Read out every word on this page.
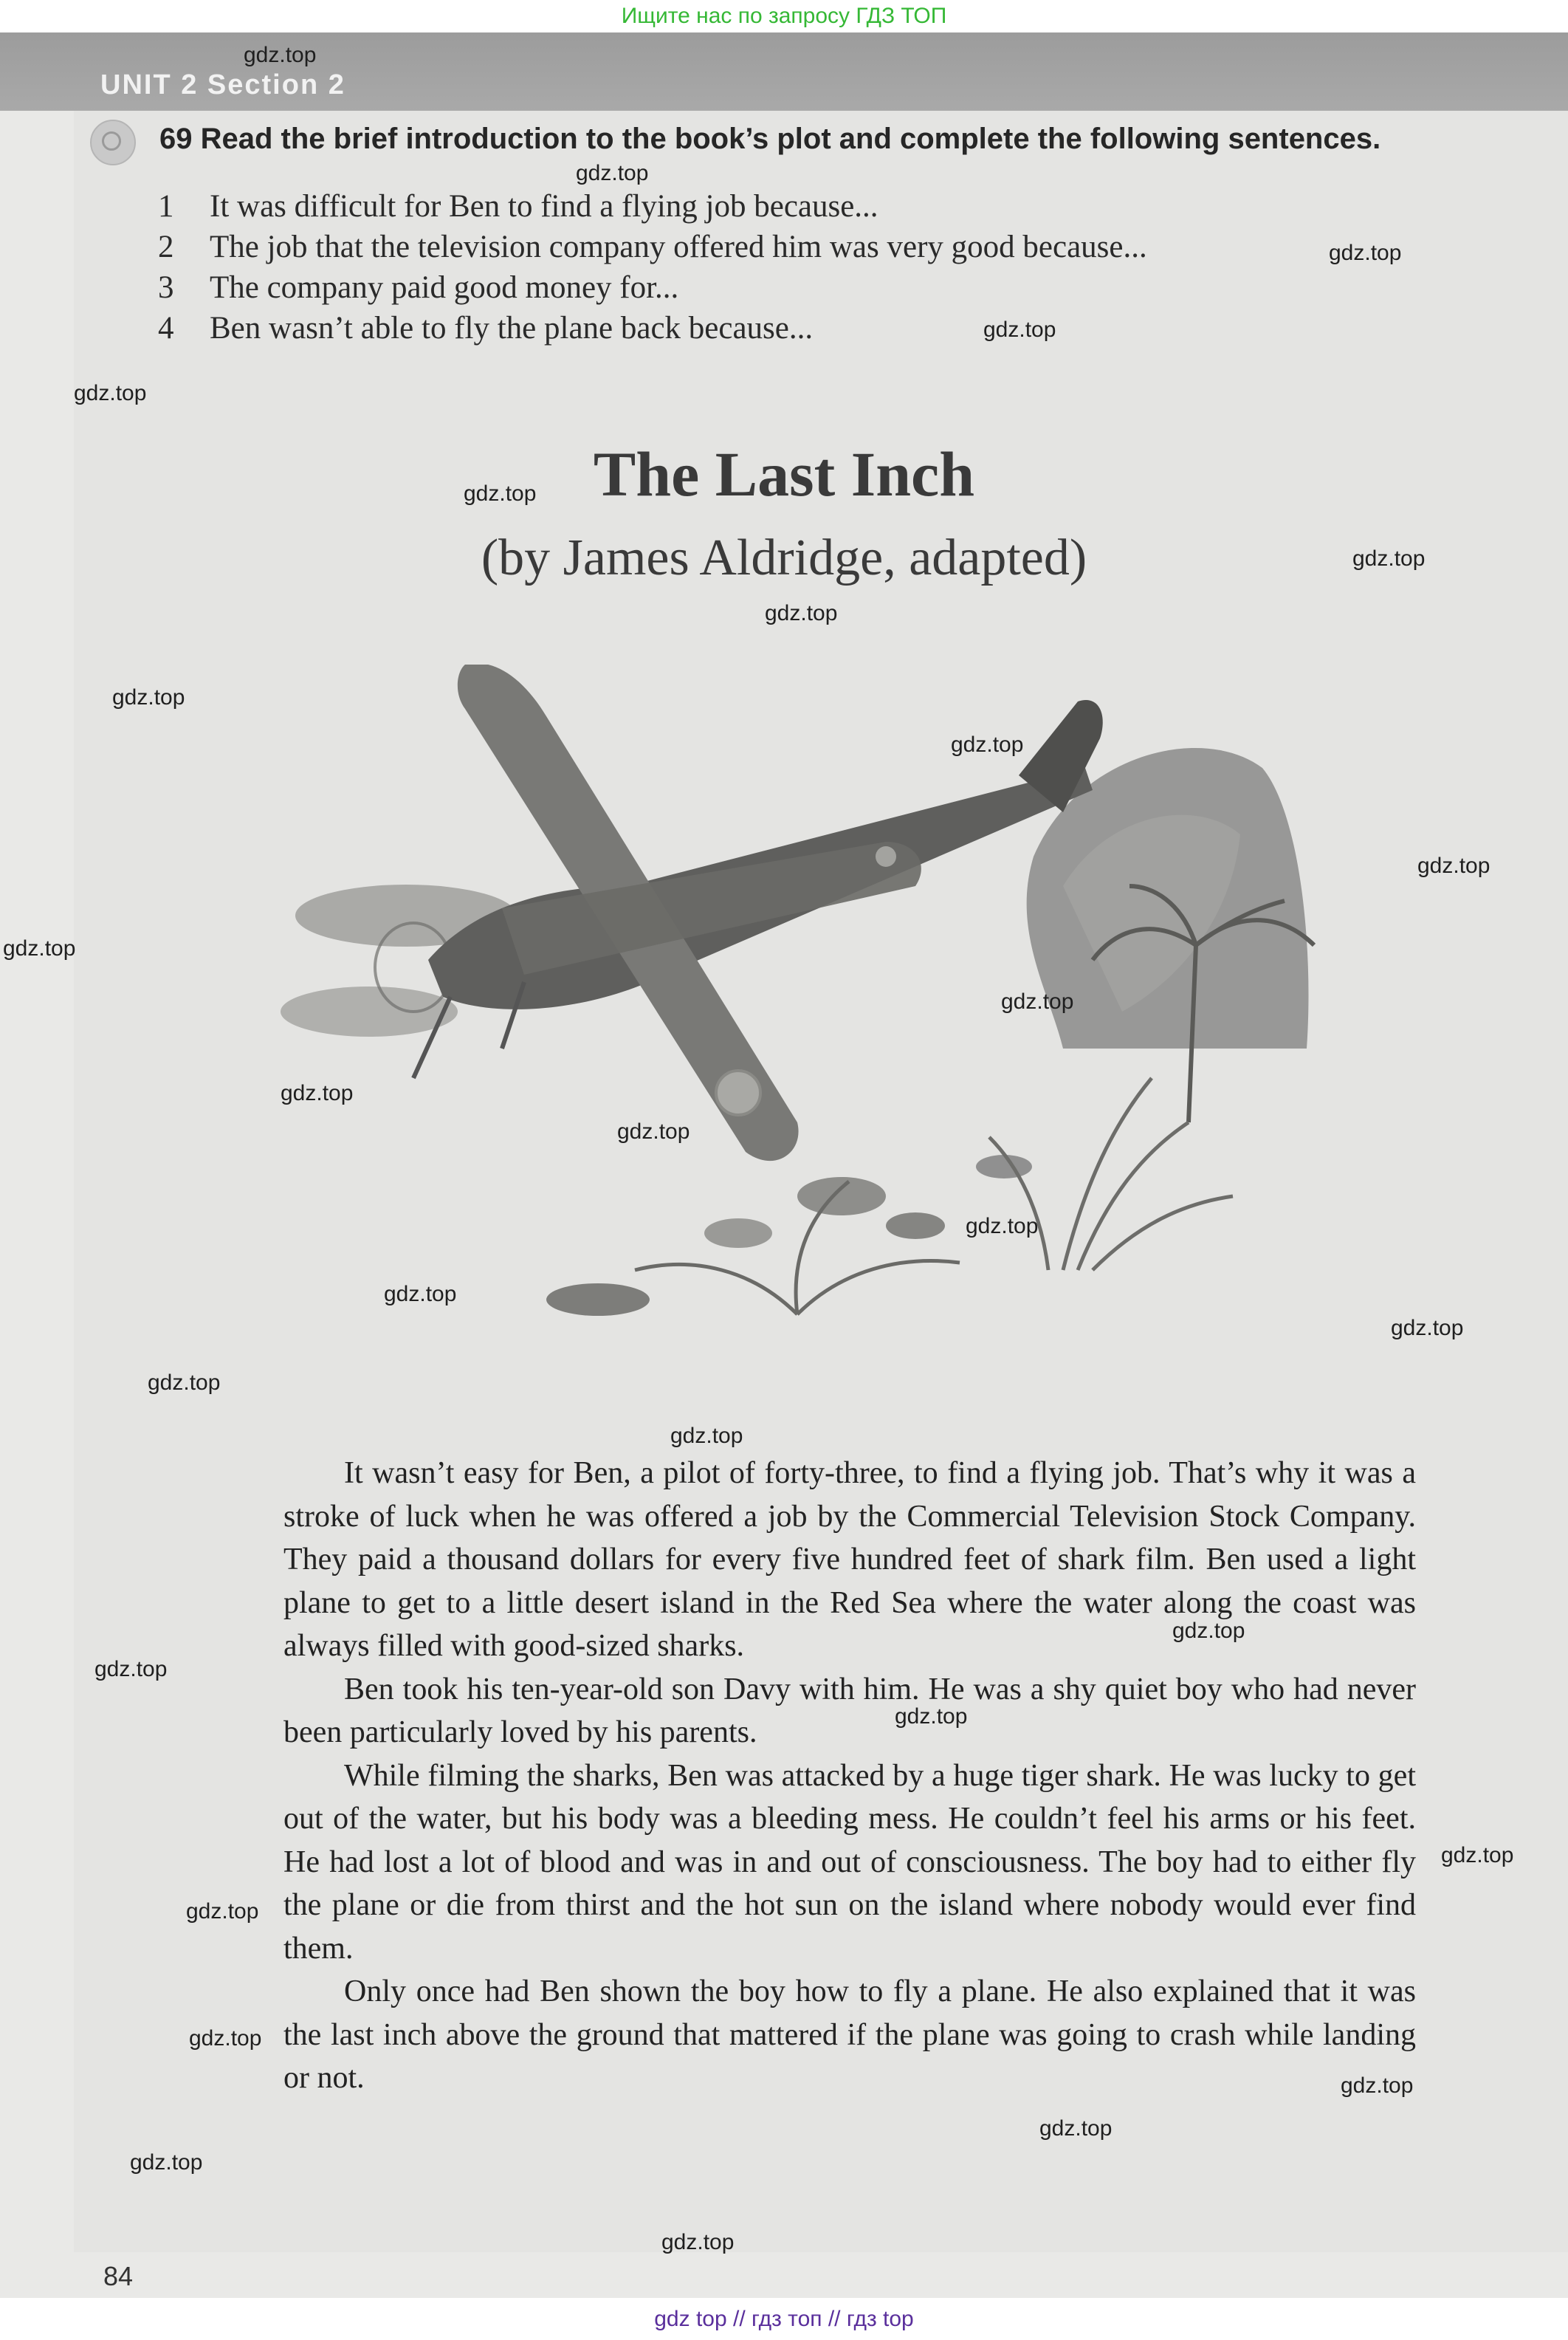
Ищите нас по запросу ГДЗ ТОП
UNIT 2 Section 2
69 Read the brief introduction to the book’s plot and complete the following sentences.
1 It was difficult for Ben to find a flying job because...
2 The job that the television company offered him was very good because...
3 The company paid good money for...
4 Ben wasn’t able to fly the plane back because...
The Last Inch
(by James Aldridge, adapted)

It wasn’t easy for Ben, a pilot of forty-three, to find a flying job. That’s why it was a stroke of luck when he was offered a job by the Commercial Television Stock Company. They paid a thousand dollars for every five hundred feet of shark film. Ben used a light plane to get to a little desert island in the Red Sea where the water along the coast was always filled with good-sized sharks.

Ben took his ten-year-old son Davy with him. He was a shy quiet boy who had never been particularly loved by his parents.

While filming the sharks, Ben was attacked by a huge tiger shark. He was lucky to get out of the water, but his body was a bleeding mess. He couldn’t feel his arms or his feet. He had lost a lot of blood and was in and out of consciousness. The boy had to either fly the plane or die from thirst and the hot sun on the island where nobody would ever find them.

Only once had Ben shown the boy how to fly a plane. He also explained that it was the last inch above the ground that mattered if the plane was going to crash while landing or not.

gdz.top
gdz.top
gdz.top
gdz.top
gdz.top
gdz.top
gdz.top
gdz.top
gdz.top
gdz.top
gdz.top
gdz.top
gdz.top
gdz.top
gdz.top
gdz.top
gdz.top
gdz.top
gdz.top
gdz.top
gdz.top
gdz.top
gdz.top
gdz.top
gdz.top
gdz.top
gdz.top
gdz.top
gdz.top
gdz.top
84
gdz top // гдз топ // гдз top
